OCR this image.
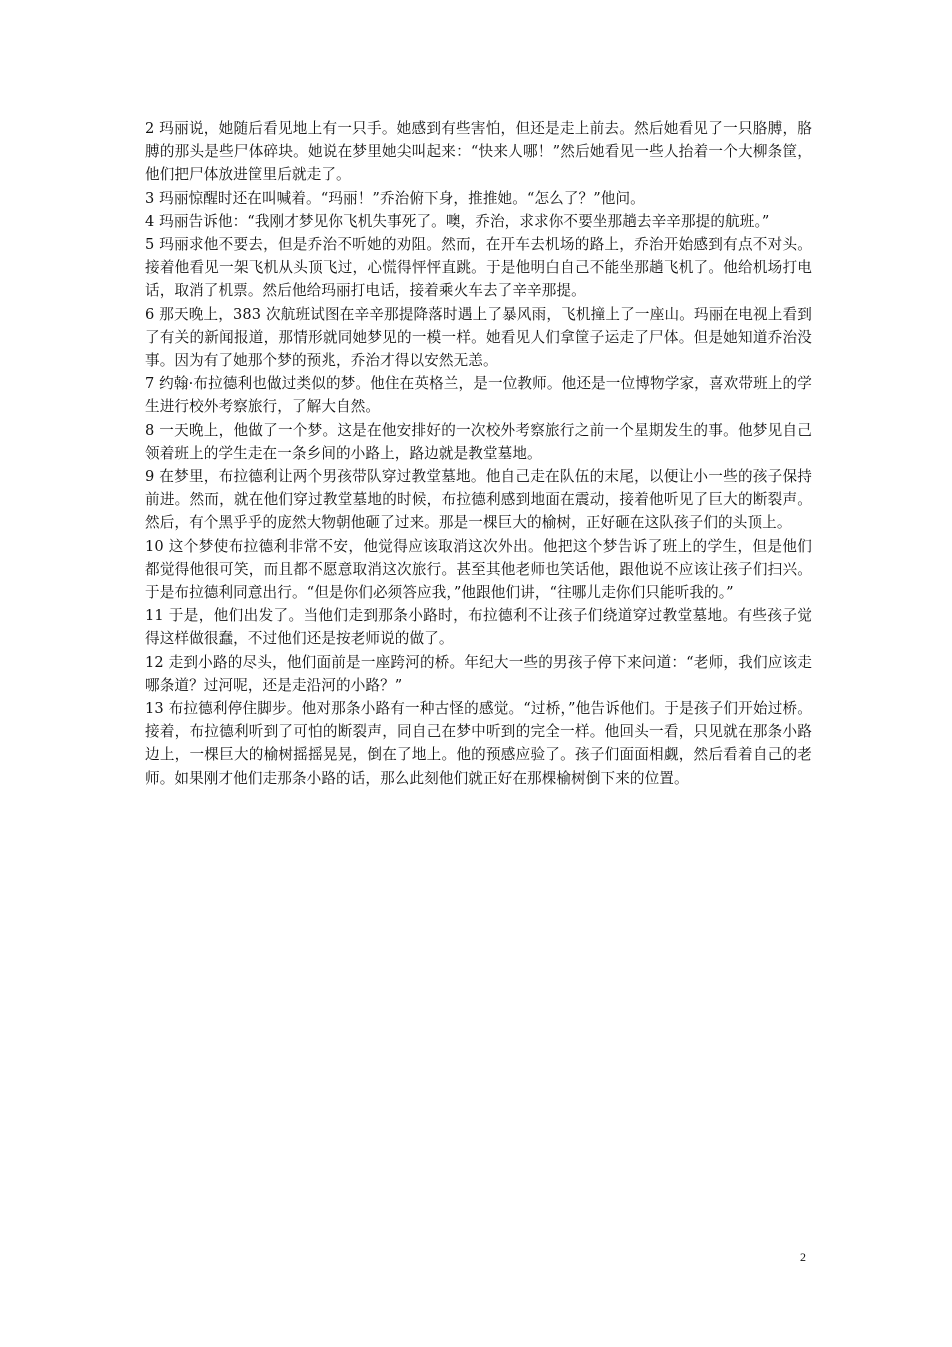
2 玛丽说，她随后看见地上有一只手。她感到有些害怕，但还是走上前去。然后她看见了一只胳膊，胳膊的那头是些尸体碎块。她说在梦里她尖叫起来：“快来人哪！”然后她看见一些人抬着一个大柳条筐，他们把尸体放进筐里后就走了。

3 玛丽惊醒时还在叫喊着。“玛丽！”乔治俯下身，推推她。“怎么了？”他问。

4 玛丽告诉他：“我刚才梦见你飞机失事死了。噢，乔治，求求你不要坐那趟去辛辛那提的航班。”

5 玛丽求他不要去，但是乔治不听她的劝阻。然而，在开车去机场的路上，乔治开始感到有点不对头。接着他看见一架飞机从头顶飞过，心慌得怦怦直跳。于是他明白自己不能坐那趟飞机了。他给机场打电话，取消了机票。然后他给玛丽打电话，接着乘火车去了辛辛那提。

6 那天晚上，383 次航班试图在辛辛那提降落时遇上了暴风雨，飞机撞上了一座山。玛丽在电视上看到了有关的新闻报道，那情形就同她梦见的一模一样。她看见人们拿筐子运走了尸体。但是她知道乔治没事。因为有了她那个梦的预兆，乔治才得以安然无恙。

7 约翰·布拉德利也做过类似的梦。他住在英格兰，是一位教师。他还是一位博物学家，喜欢带班上的学生进行校外考察旅行，了解大自然。

8 一天晚上，他做了一个梦。这是在他安排好的一次校外考察旅行之前一个星期发生的事。他梦见自己领着班上的学生走在一条乡间的小路上，路边就是教堂墓地。

9 在梦里，布拉德利让两个男孩带队穿过教堂墓地。他自己走在队伍的末尾，以便让小一些的孩子保持前进。然而，就在他们穿过教堂墓地的时候，布拉德利感到地面在震动，接着他听见了巨大的断裂声。然后，有个黑乎乎的庞然大物朝他砸了过来。那是一棵巨大的榆树，正好砸在这队孩子们的头顶上。

10 这个梦使布拉德利非常不安，他觉得应该取消这次外出。他把这个梦告诉了班上的学生，但是他们都觉得他很可笑，而且都不愿意取消这次旅行。甚至其他老师也笑话他，跟他说不应该让孩子们扫兴。于是布拉德利同意出行。“但是你们必须答应我，”他跟他们讲，“往哪儿走你们只能听我的。”

11 于是，他们出发了。当他们走到那条小路时，布拉德利不让孩子们绕道穿过教堂墓地。有些孩子觉得这样做很蠢，不过他们还是按老师说的做了。

12 走到小路的尽头，他们面前是一座跨河的桥。年纪大一些的男孩子停下来问道：“老师，我们应该走哪条道？过河呢，还是走沿河的小路？”

13 布拉德利停住脚步。他对那条小路有一种古怪的感觉。“过桥，”他告诉他们。于是孩子们开始过桥。接着，布拉德利听到了可怕的断裂声，同自己在梦中听到的完全一样。他回头一看，只见就在那条小路边上，一棵巨大的榆树摇摇晃晃，倒在了地上。他的预感应验了。孩子们面面相觑，然后看着自己的老师。如果刚才他们走那条小路的话，那么此刻他们就正好在那棵榆树倒下来的位置。

2
